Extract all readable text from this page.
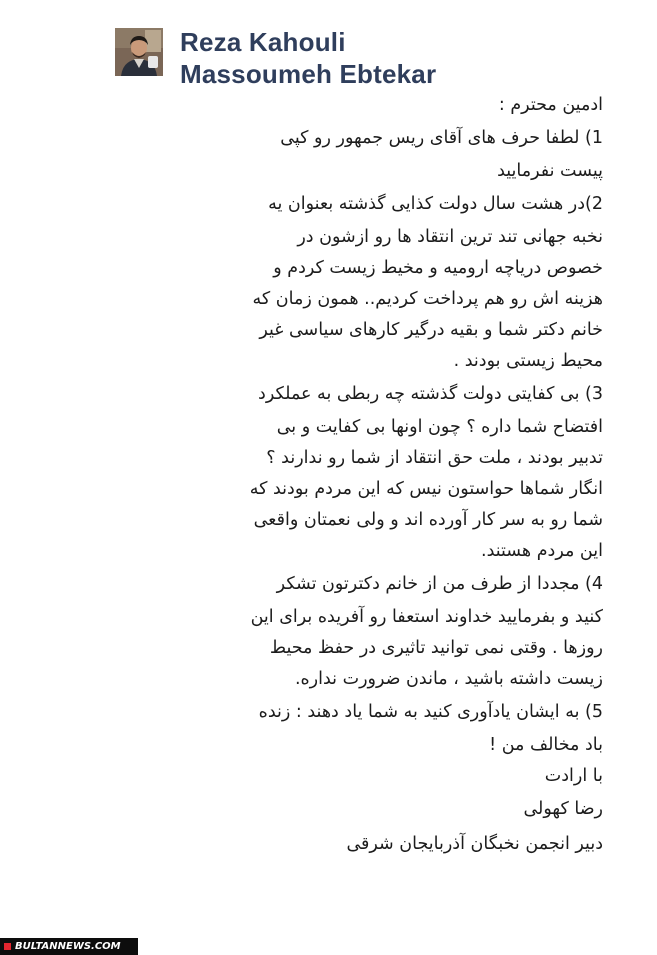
Reza Kahouli
Massoumeh Ebtekar
ادمین محترم :
1) لطفا حرف های آقای ریس جمهور رو کپی
پیست نفرمایید
2)در هشت سال دولت کذایی گذشته بعنوان یه
نخبه جهانی تند ترین انتقاد ها رو ازشون در
خصوص دریاچه ارومیه و مخیط زیست کردم و
هزینه اش رو هم پرداخت کردیم.. همون زمان که
خانم دکتر شما و بقیه درگیر کارهای سیاسی غیر
محیط زیستی بودند .
3) بی کفایتی دولت گذشته چه ربطی به عملکرد
افتضاح شما داره ؟ چون اونها بی کفایت و بی
تدبیر بودند ، ملت حق انتقاد از شما رو ندارند ؟
انگار شماها حواستون نیس که این مردم بودند که
شما رو به سر کار آورده اند و ولی نعمتان واقعی
این مردم هستند.
4) مجددا از طرف من از خانم دکترتون تشکر
کنید و بفرمایید خداوند استعفا رو آفریده برای این
روزها . وقتی نمی توانید تاثیری در حفظ محیط
زیست داشته باشید ، ماندن ضرورت نداره.
5) به ایشان یادآوری کنید به شما یاد دهند : زنده
باد مخالف من !
با ارادت
رضا کهولی
دبیر انجمن نخبگان آذربایجان شرقی
BULTANNEWS.COM
